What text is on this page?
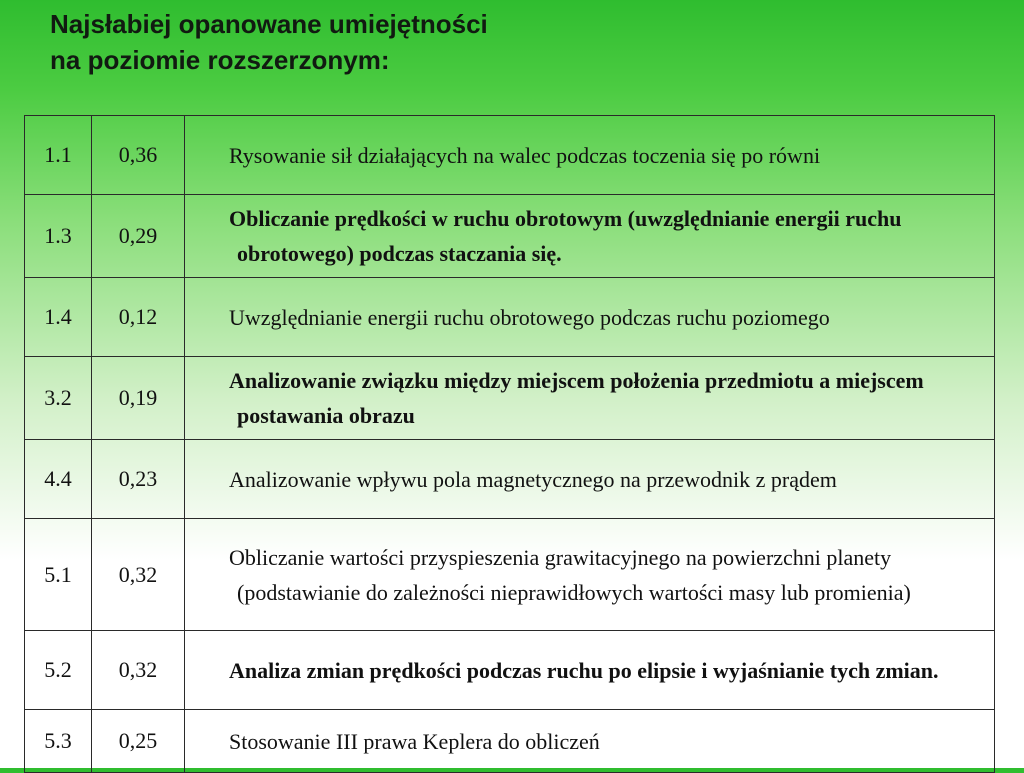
Najsłabiej opanowane umiejętności
na poziomie rozszerzonym:
1.1	0,36	Rysowanie sił działających na walec podczas toczenia się po równi

1.3	0,29	Obliczanie prędkości w ruchu obrotowym (uwzględnianie energii ruchu obrotowego) podczas staczania się.

1.4	0,12	Uwzględnianie energii ruchu obrotowego podczas ruchu poziomego

3.2	0,19	Analizowanie związku między miejscem położenia przedmiotu a miejscem postawania obrazu

4.4	0,23	Analizowanie wpływu pola magnetycznego na przewodnik z prądem

5.1	0,32	Obliczanie wartości przyspieszenia grawitacyjnego na powierzchni planety (podstawianie do zależności nieprawidłowych wartości masy lub promienia)

5.2	0,32	Analiza zmian prędkości podczas ruchu po elipsie i wyjaśnianie tych zmian.

5.3	0,25	Stosowanie III prawa Keplera do obliczeń
